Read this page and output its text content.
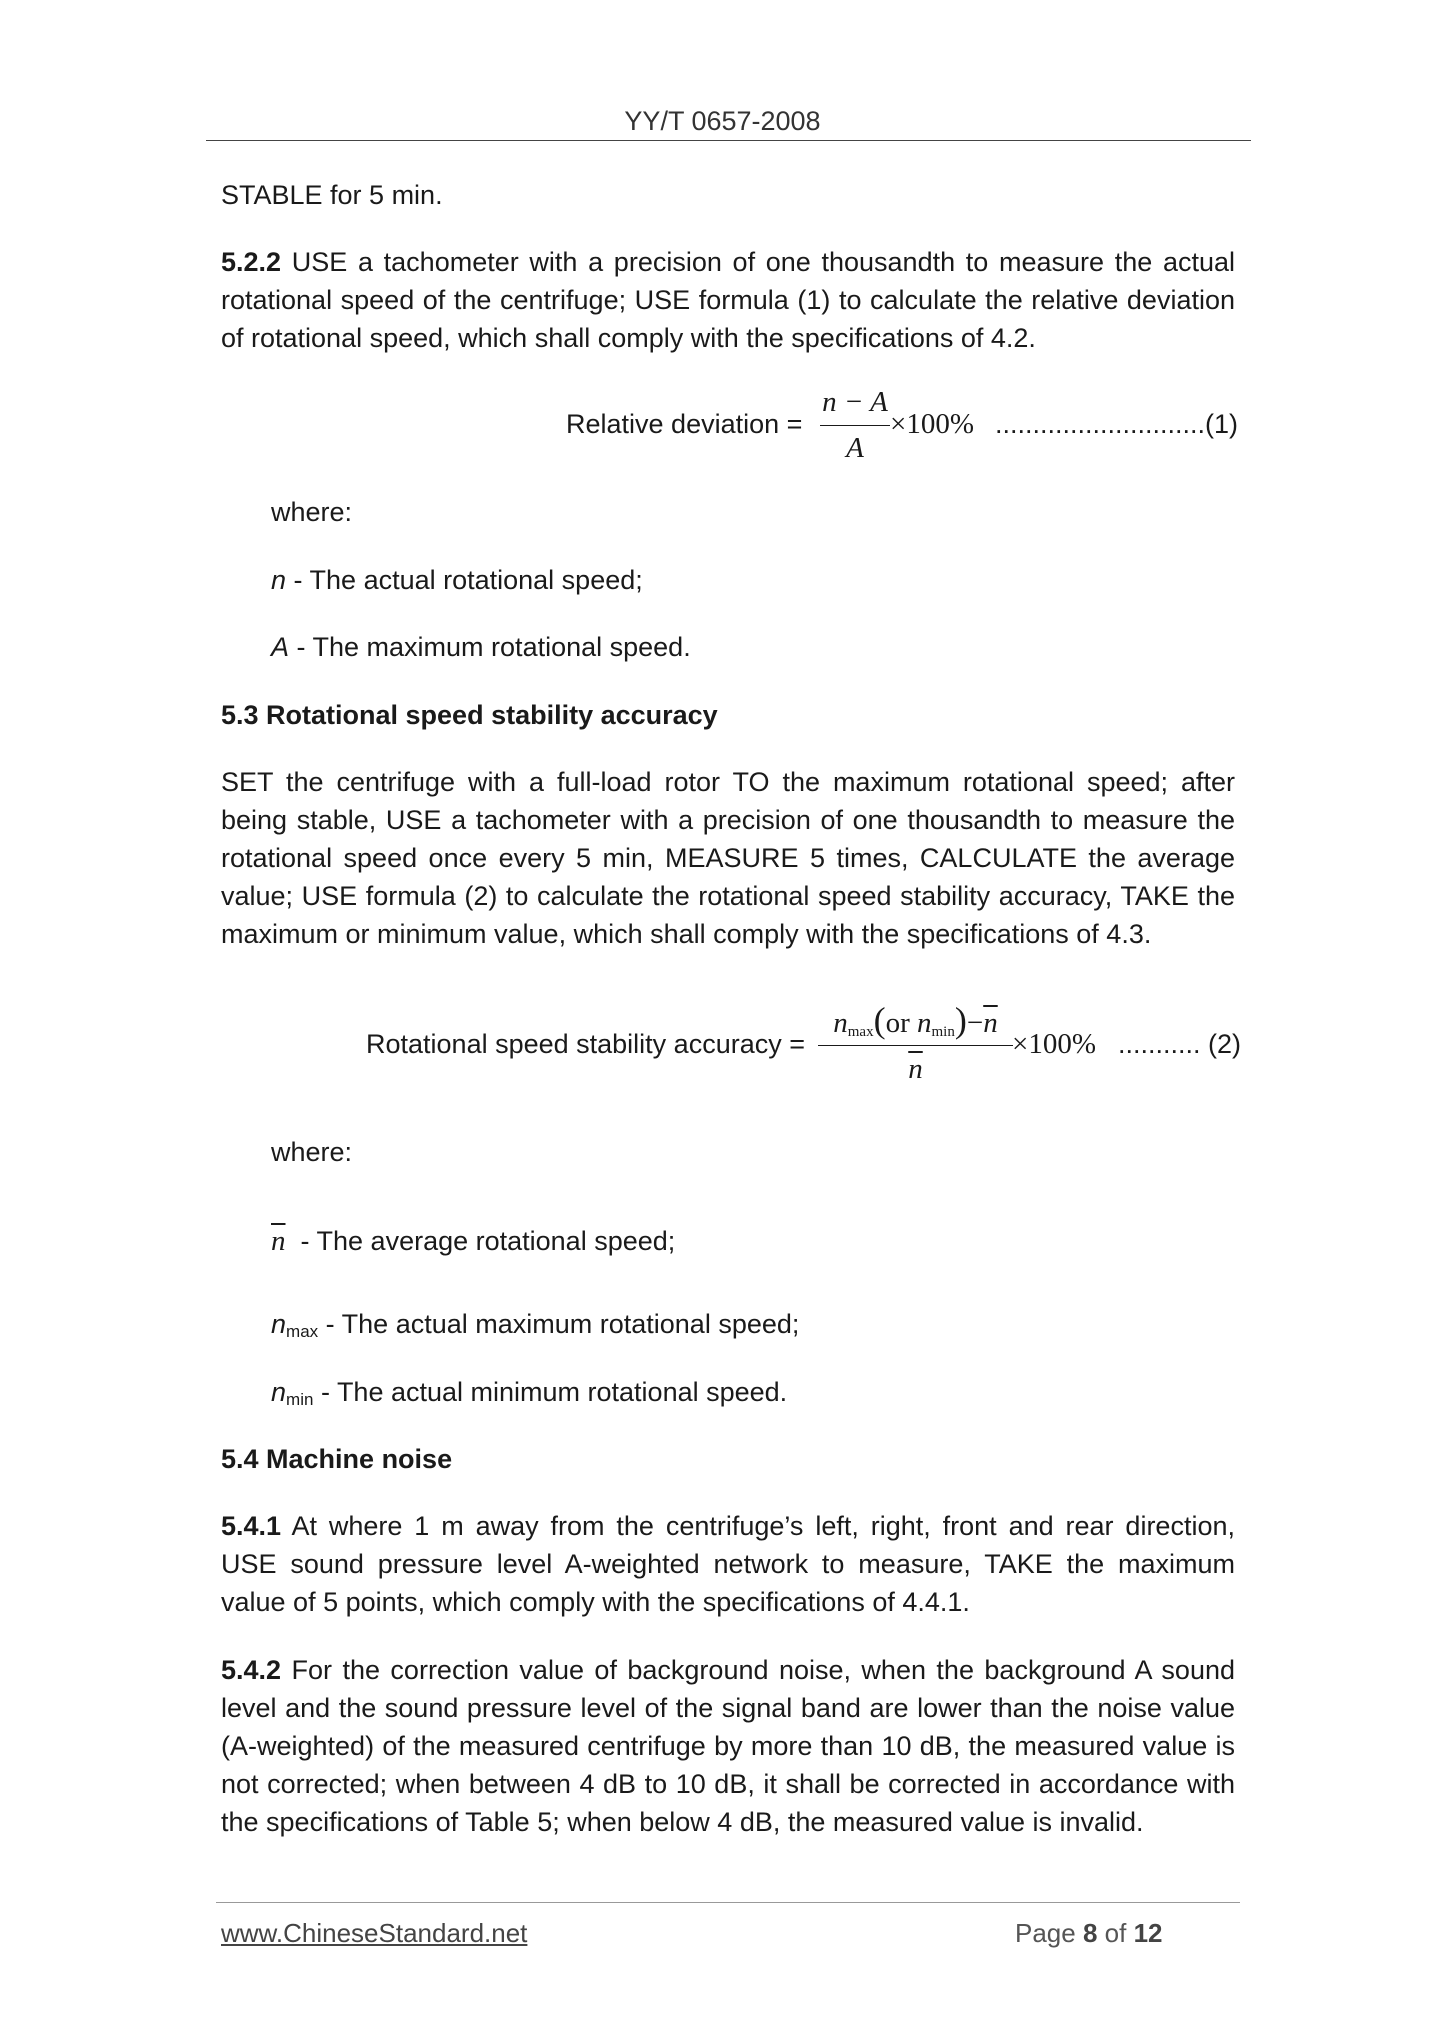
YY/T 0657-2008
STABLE for 5 min.
5.2.2 USE a tachometer with a precision of one thousandth to measure the actual rotational speed of the centrifuge; USE formula (1) to calculate the relative deviation of rotational speed, which shall comply with the specifications of 4.2.
Relative deviation =
n − A
A
×100% ............................(1)
where:
n - The actual rotational speed;
A - The maximum rotational speed.
5.3 Rotational speed stability accuracy
SET the centrifuge with a full-load rotor TO the maximum rotational speed; after being stable, USE a tachometer with a precision of one thousandth to measure the rotational speed once every 5 min, MEASURE 5 times, CALCULATE the average value; USE formula (2) to calculate the rotational speed stability accuracy, TAKE the maximum or minimum value, which shall comply with the specifications of 4.3.
Rotational speed stability accuracy =
$n_{max}(or$ $n_{min})-\overline{n}$
$\overline{n}$
×100% ........... (2)
where:
$\overline{n}$  - The average rotational speed;
$n_{max}$ - The actual maximum rotational speed;
$n_{min}$ - The actual minimum rotational speed.
5.4 Machine noise
5.4.1 At where 1 m away from the centrifuge’s left, right, front and rear direction, USE sound pressure level A-weighted network to measure, TAKE the maximum value of 5 points, which comply with the specifications of 4.4.1.
5.4.2 For the correction value of background noise, when the background A sound level and the sound pressure level of the signal band are lower than the noise value (A-weighted) of the measured centrifuge by more than 10 dB, the measured value is not corrected; when between 4 dB to 10 dB, it shall be corrected in accordance with the specifications of Table 5; when below 4 dB, the measured value is invalid.
www.ChineseStandard.net	Page 8 of 12
